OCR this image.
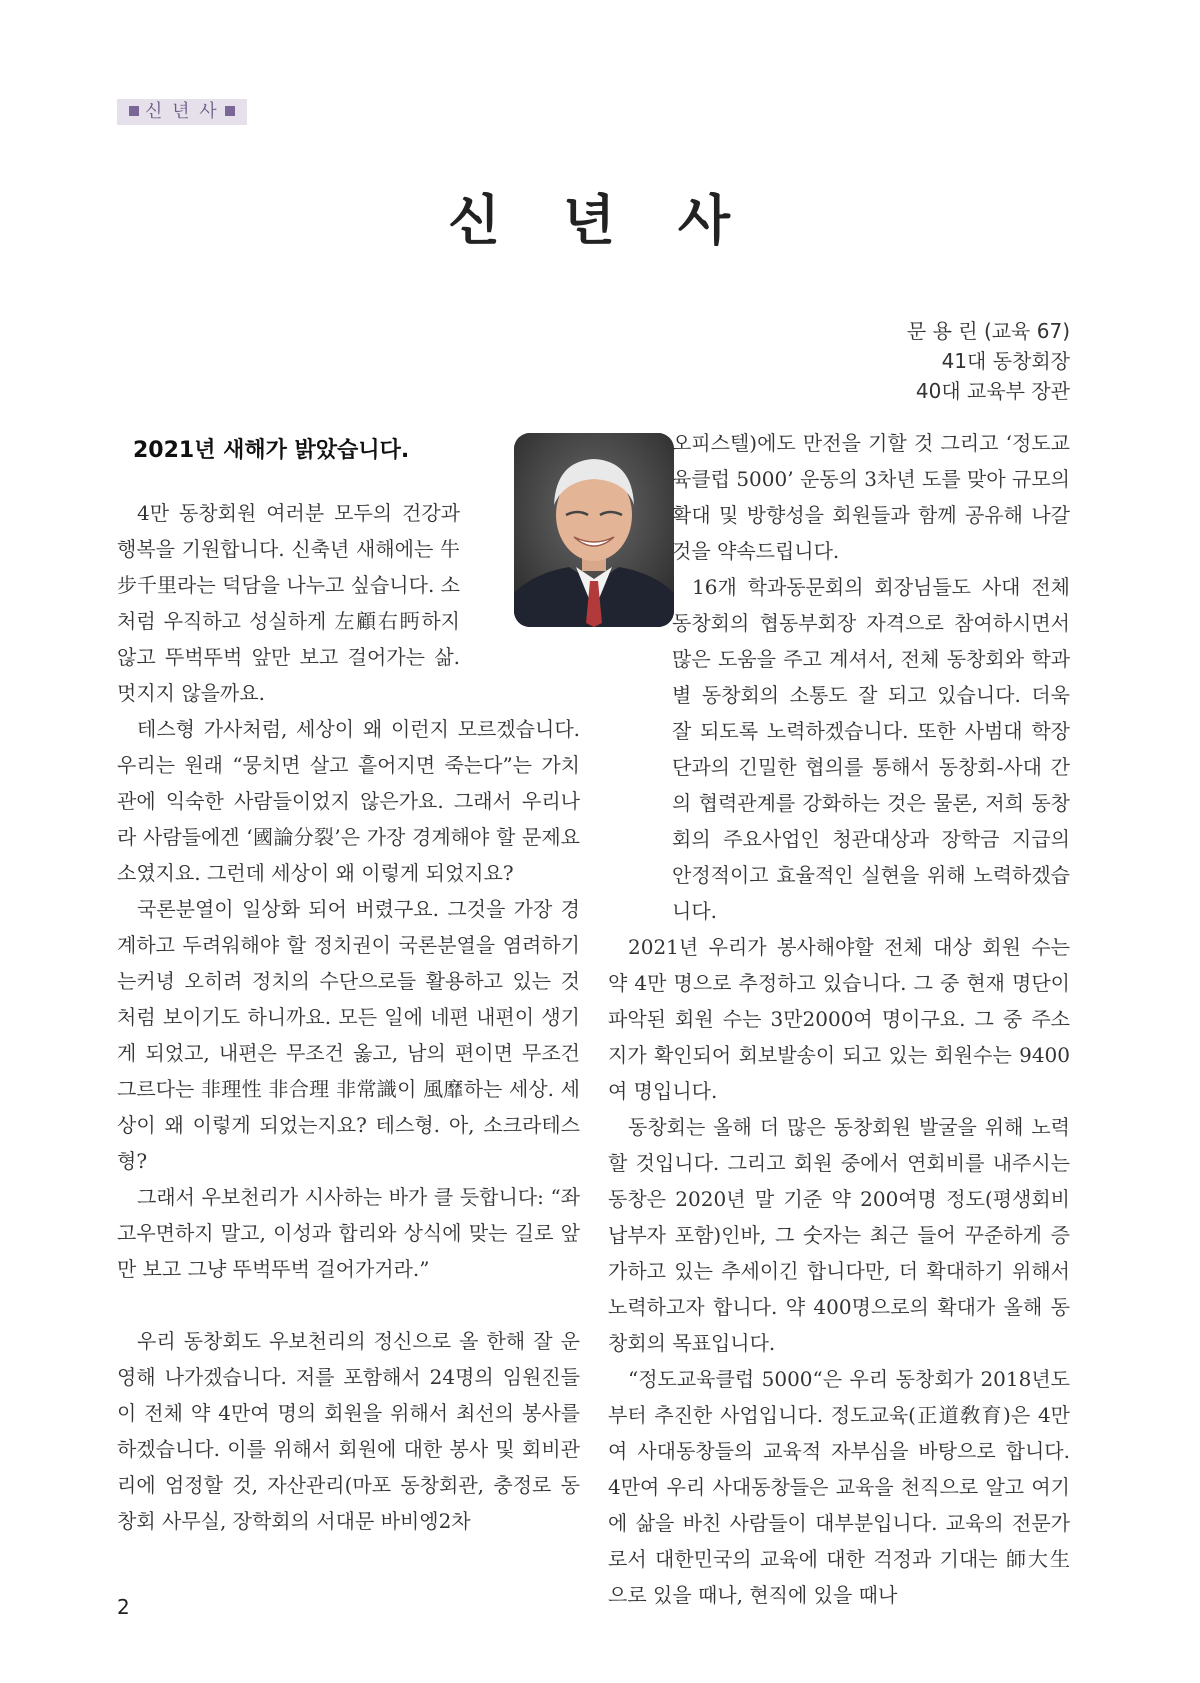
신 년 사
신 년 사
문 용 린 (교육 67)
41대 동창회장
40대 교육부 장관
2021년 새해가 밝았습니다.

4만 동창회원 여러분 모두의 건강과 행복을 기원합니다. 신축년 새해에는 牛步千里라는 덕담을 나누고 싶습니다. 소처럼 우직하고 성실하게 左顧右眄하지 않고 뚜벅뚜벅 앞만 보고 걸어가는 삶. 멋지지 않을까요.

테스형 가사처럼, 세상이 왜 이런지 모르겠습니다. 우리는 원래 “뭉치면 살고 흩어지면 죽는다”는 가치관에 익숙한 사람들이었지 않은가요. 그래서 우리나라 사람들에겐 ‘國論分裂’은 가장 경계해야 할 문제요소였지요. 그런데 세상이 왜 이렇게 되었지요?

국론분열이 일상화 되어 버렸구요. 그것을 가장 경계하고 두려워해야 할 정치권이 국론분열을 염려하기는커녕 오히려 정치의 수단으로들 활용하고 있는 것처럼 보이기도 하니까요. 모든 일에 네편 내편이 생기게 되었고, 내편은 무조건 옳고, 남의 편이면 무조건 그르다는 非理性 非合理 非常識이 風靡하는 세상. 세상이 왜 이렇게 되었는지요? 테스형. 아, 소크라테스 형?

그래서 우보천리가 시사하는 바가 클 듯합니다: “좌고우면하지 말고, 이성과 합리와 상식에 맞는 길로 앞만 보고 그냥 뚜벅뚜벅 걸어가거라.”

우리 동창회도 우보천리의 정신으로 올 한해 잘 운영해 나가겠습니다. 저를 포함해서 24명의 임원진들이 전체 약 4만여 명의 회원을 위해서 최선의 봉사를 하겠습니다. 이를 위해서 회원에 대한 봉사 및 회비관리에 엄정할 것, 자산관리(마포 동창회관, 충정로 동창회 사무실, 장학회의 서대문 바비엥2차

오피스텔)에도 만전을 기할 것 그리고 ‘정도교육클럽 5000’ 운동의 3차년 도를 맞아 규모의 확대 및 방향성을 회원들과 함께 공유해 나갈 것을 약속드립니다.

16개 학과동문회의 회장님들도 사대 전체 동창회의 협동부회장 자격으로 참여하시면서 많은 도움을 주고 계셔서, 전체 동창회와 학과별 동창회의 소통도 잘 되고 있습니다. 더욱 잘 되도록 노력하겠습니다. 또한 사범대 학장단과의 긴밀한 협의를 통해서 동창회-사대 간의 협력관계를 강화하는 것은 물론, 저희 동창회의 주요사업인 청관대상과 장학금 지급의 안정적이고 효율적인 실현을 위해 노력하겠습니다.

2021년 우리가 봉사해야할 전체 대상 회원 수는 약 4만 명으로 추정하고 있습니다. 그 중 현재 명단이 파악된 회원 수는 3만2000여 명이구요. 그 중 주소지가 확인되어 회보발송이 되고 있는 회원수는 9400여 명입니다.

동창회는 올해 더 많은 동창회원 발굴을 위해 노력할 것입니다. 그리고 회원 중에서 연회비를 내주시는 동창은 2020년 말 기준 약 200여명 정도(평생회비 납부자 포함)인바, 그 숫자는 최근 들어 꾸준하게 증가하고 있는 추세이긴 합니다만, 더 확대하기 위해서 노력하고자 합니다. 약 400명으로의 확대가 올해 동창회의 목표입니다.

“정도교육클럽 5000“은 우리 동창회가 2018년도부터 추진한 사업입니다. 정도교육(正道敎育)은 4만여 사대동창들의 교육적 자부심을 바탕으로 합니다. 4만여 우리 사대동창들은 교육을 천직으로 알고 여기에 삶을 바친 사람들이 대부분입니다. 교육의 전문가로서 대한민국의 교육에 대한 걱정과 기대는 師大生으로 있을 때나, 현직에 있을 때나

2
